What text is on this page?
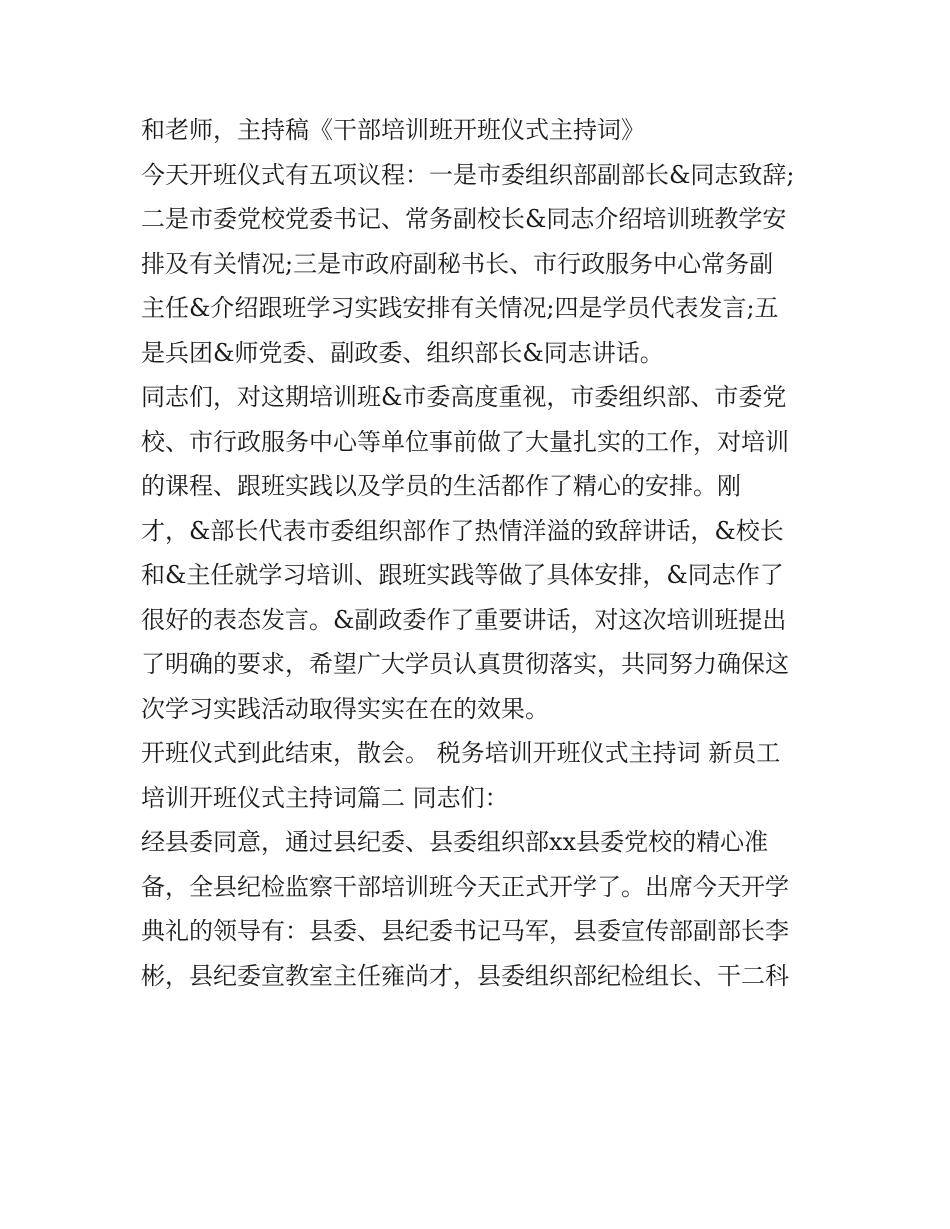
和老师，主持稿《干部培训班开班仪式主持词》
今天开班仪式有五项议程：一是市委组织部副部长&同志致辞;
二是市委党校党委书记、常务副校长&同志介绍培训班教学安
排及有关情况;三是市政府副秘书长、市行政服务中心常务副
主任&介绍跟班学习实践安排有关情况;四是学员代表发言;五
是兵团&师党委、副政委、组织部长&同志讲话。
同志们，对这期培训班&市委高度重视，市委组织部、市委党
校、市行政服务中心等单位事前做了大量扎实的工作，对培训
的课程、跟班实践以及学员的生活都作了精心的安排。刚
才，&部长代表市委组织部作了热情洋溢的致辞讲话，&校长
和&主任就学习培训、跟班实践等做了具体安排，&同志作了
很好的表态发言。&副政委作了重要讲话，对这次培训班提出
了明确的要求，希望广大学员认真贯彻落实，共同努力确保这
次学习实践活动取得实实在在的效果。
开班仪式到此结束，散会。 税务培训开班仪式主持词 新员工
培训开班仪式主持词篇二 同志们：
经县委同意，通过县纪委、县委组织部xx县委党校的精心准
备，全县纪检监察干部培训班今天正式开学了。出席今天开学
典礼的领导有：县委、县纪委书记马军，县委宣传部副部长李
彬，县纪委宣教室主任雍尚才，县委组织部纪检组长、干二科
